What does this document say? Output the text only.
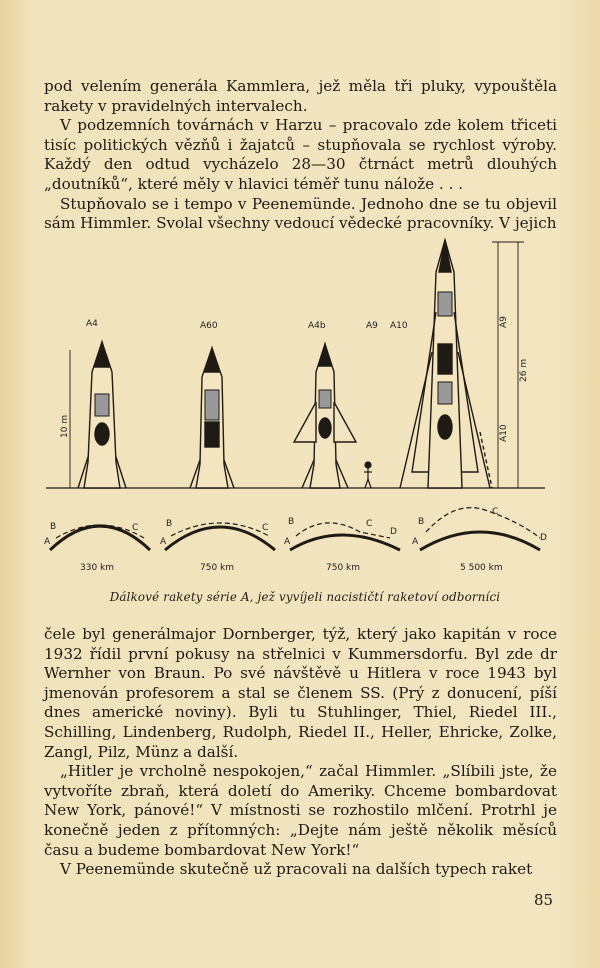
pod velením generála Kammlera, jež měla tři pluky, vypouštěla rakety v pravidelných intervalech.

V podzemních továrnách v Harzu – pracovalo zde kolem třiceti tisíc politických vězňů i žajatců – stupňovala se rychlost výroby. Každý den odtud vycházelo 28—30 čtrnáct metrů dlouhých „doutníků“, které měly v hlavici téměř tunu nálože . . .

Stupňovalo se i tempo v Peenemünde. Jednoho dne se tu objevil sám Himmler. Svolal všechny vedoucí vědecké pracovníky. V jejich

A4	A60	A4b	A9 A10
10 m
A9
26 m
A10
B
A
C	B
A
C
B
A
C
D
B
A
C
D
330 km	750 km	750 km	5 500 km
Dálkové rakety série A, jež vyvíjeli nacističtí raketoví odborníci

čele byl generálmajor Dornberger, týž, který jako kapitán v roce 1932 řídil první pokusy na střelnici v Kummersdorfu. Byl zde dr Wernher von Braun. Po své návštěvě u Hitlera v roce 1943 byl jmenován profesorem a stal se členem SS. (Prý z donucení, píší dnes americké noviny). Byli tu Stuhlinger, Thiel, Riedel III., Schilling, Lindenberg, Rudolph, Riedel II., Heller, Ehricke, Zolke, Zangl, Pilz, Münz a další.

„Hitler je vrcholně nespokojen,“ začal Himmler. „Slíbili jste, že vytvoříte zbraň, která doletí do Ameriky. Chceme bombardovat New York, pánové!“ V místnosti se rozhostilo mlčení. Protrhl je konečně jeden z přítomných: „Dejte nám ještě několik měsíců času a budeme bombardovat New York!“

V Peenemünde skutečně už pracovali na dalších typech raket

85
